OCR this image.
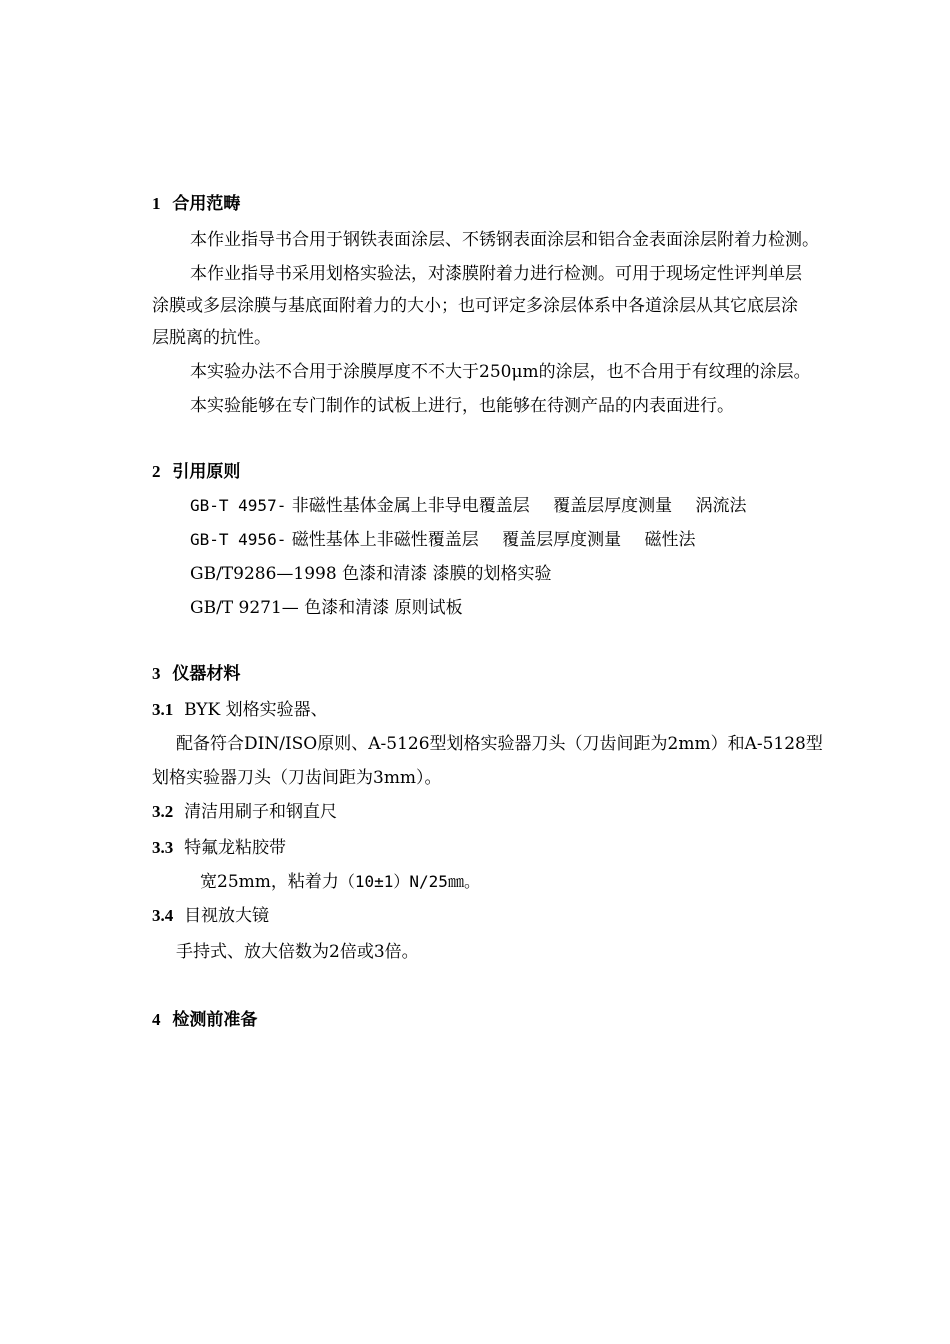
1 合用范畴
本作业指导书合用于钢铁表面涂层、不锈钢表面涂层和铝合金表面涂层附着力检测。
本作业指导书采用划格实验法，对漆膜附着力进行检测。可用于现场定性评判单层
涂膜或多层涂膜与基底面附着力的大小；也可评定多涂层体系中各道涂层从其它底层涂
层脱离的抗性。
本实验办法不合用于涂膜厚度不不大于250μm的涂层，也不合用于有纹理的涂层。
本实验能够在专门制作的试板上进行，也能够在待测产品的内表面进行。
2 引用原则
GB-T 4957- 非磁性基体金属上非导电覆盖层 覆盖层厚度测量 涡流法
GB-T 4956- 磁性基体上非磁性覆盖层 覆盖层厚度测量 磁性法
GB/T9286—1998 色漆和清漆 漆膜的划格实验
GB/T 9271— 色漆和清漆 原则试板
3 仪器材料
3.1 BYK 划格实验器、
配备符合DIN/ISO原则、A-5126型划格实验器刀头（刀齿间距为2mm）和A-5128型
划格实验器刀头（刀齿间距为3mm）。
3.2 清洁用刷子和钢直尺
3.3 特氟龙粘胶带
宽25mm，粘着力（10±1）N/25㎜。
3.4 目视放大镜
手持式、放大倍数为2倍或3倍。
4 检测前准备
